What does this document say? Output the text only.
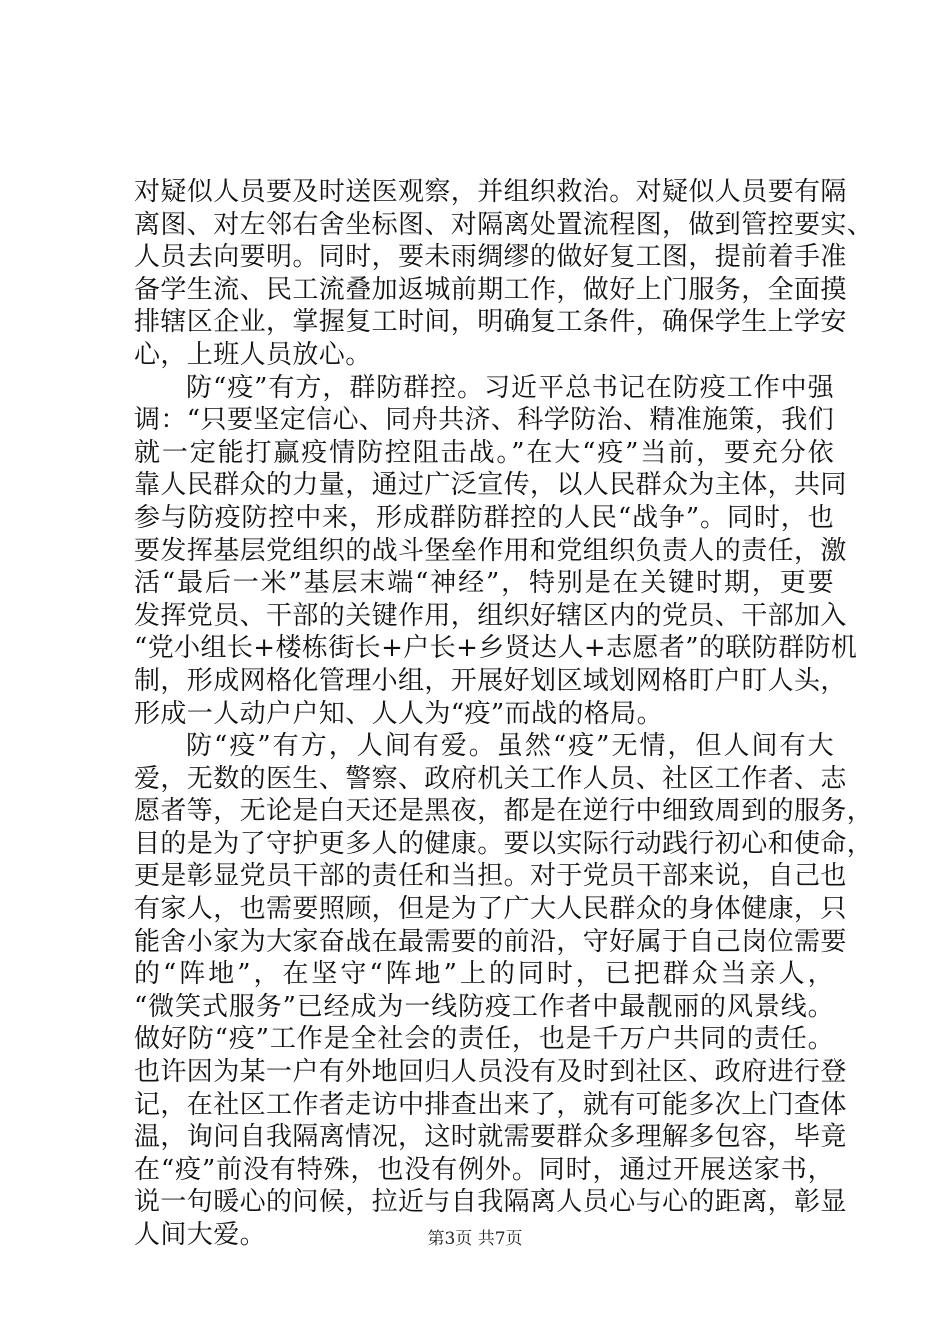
对疑似人员要及时送医观察，并组织救治。对疑似人员要有隔
离图、对左邻右舍坐标图、对隔离处置流程图，做到管控要实、
人员去向要明。同时，要未雨绸缪的做好复工图，提前着手准
备学生流、民工流叠加返城前期工作，做好上门服务，全面摸
排辖区企业，掌握复工时间，明确复工条件，确保学生上学安
心，上班人员放心。
防“疫”有方，群防群控。习近平总书记在防疫工作中强
调：“只要坚定信心、同舟共济、科学防治、精准施策，我们
就一定能打赢疫情防控阻击战。”在大“疫”当前，要充分依
靠人民群众的力量，通过广泛宣传，以人民群众为主体，共同
参与防疫防控中来，形成群防群控的人民“战争”。同时，也
要发挥基层党组织的战斗堡垒作用和党组织负责人的责任，激
活“最后一米”基层末端“神经”，特别是在关键时期，更要
发挥党员、干部的关键作用，组织好辖区内的党员、干部加入
“党小组长+楼栋街长+户长+乡贤达人+志愿者”的联防群防机
制，形成网格化管理小组，开展好划区域划网格盯户盯人头，
形成一人动户户知、人人为“疫”而战的格局。
防“疫”有方，人间有爱。虽然“疫”无情，但人间有大
爱，无数的医生、警察、政府机关工作人员、社区工作者、志
愿者等，无论是白天还是黑夜，都是在逆行中细致周到的服务，
目的是为了守护更多人的健康。要以实际行动践行初心和使命，
更是彰显党员干部的责任和当担。对于党员干部来说，自己也
有家人，也需要照顾，但是为了广大人民群众的身体健康，只
能舍小家为大家奋战在最需要的前沿，守好属于自己岗位需要
的“阵地”，在坚守“阵地”上的同时，已把群众当亲人，
“微笑式服务”已经成为一线防疫工作者中最靓丽的风景线。
做好防“疫”工作是全社会的责任，也是千万户共同的责任。
也许因为某一户有外地回归人员没有及时到社区、政府进行登
记，在社区工作者走访中排查出来了，就有可能多次上门查体
温，询问自我隔离情况，这时就需要群众多理解多包容，毕竟
在“疫”前没有特殊，也没有例外。同时，通过开展送家书，
说一句暖心的问候，拉近与自我隔离人员心与心的距离，彰显
人间大爱。	第3页 共7页
